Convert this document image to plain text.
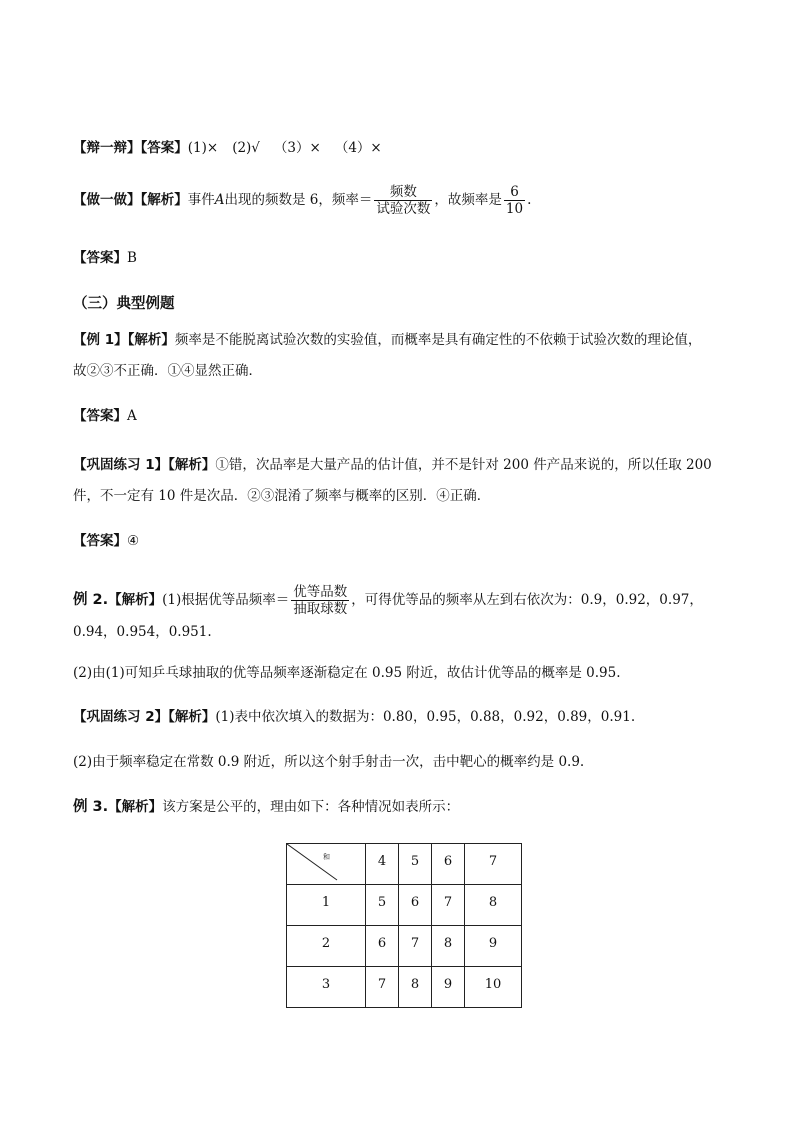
【辩一辩】【答案】(1)× (2)√ （3）× （4）×
【做一做】【解析】事件A出现的频数是 6，频率＝ $\frac{\text{频数}}{\text{试验次数}}$ ，故频率是 $\frac{6}{10}$ .
【答案】B
（三）典型例题
【例 1】【解析】频率是不能脱离试验次数的实验值，而概率是具有确定性的不依赖于试验次数的理论值，
故②③不正确．①④显然正确．
【答案】A
【巩固练习 1】【解析】①错，次品率是大量产品的估计值，并不是针对 200 件产品来说的，所以任取 200
件，不一定有 10 件是次品．②③混淆了频率与概率的区别．④正确．
【答案】④
例 2.【解析】(1)根据优等品频率＝ $\frac{\text{优等品数}}{\text{抽取球数}}$ ，可得优等品的频率从左到右依次为：0.9，0.92，0.97，
0.94，0.954，0.951.
(2)由(1)可知乒乓球抽取的优等品频率逐渐稳定在 0.95 附近，故估计优等品的概率是 0.95.
【巩固练习 2】【解析】(1)表中依次填入的数据为：0.80，0.95，0.88，0.92，0.89，0.91.
(2)由于频率稳定在常数 0.9 附近，所以这个射手射击一次，击中靶心的概率约是 0.9.
例 3.【解析】该方案是公平的，理由如下：各种情况如表所示：
和	4	5	6	7
1	5	6	7	8
2	6	7	8	9
3	7	8	9	10
